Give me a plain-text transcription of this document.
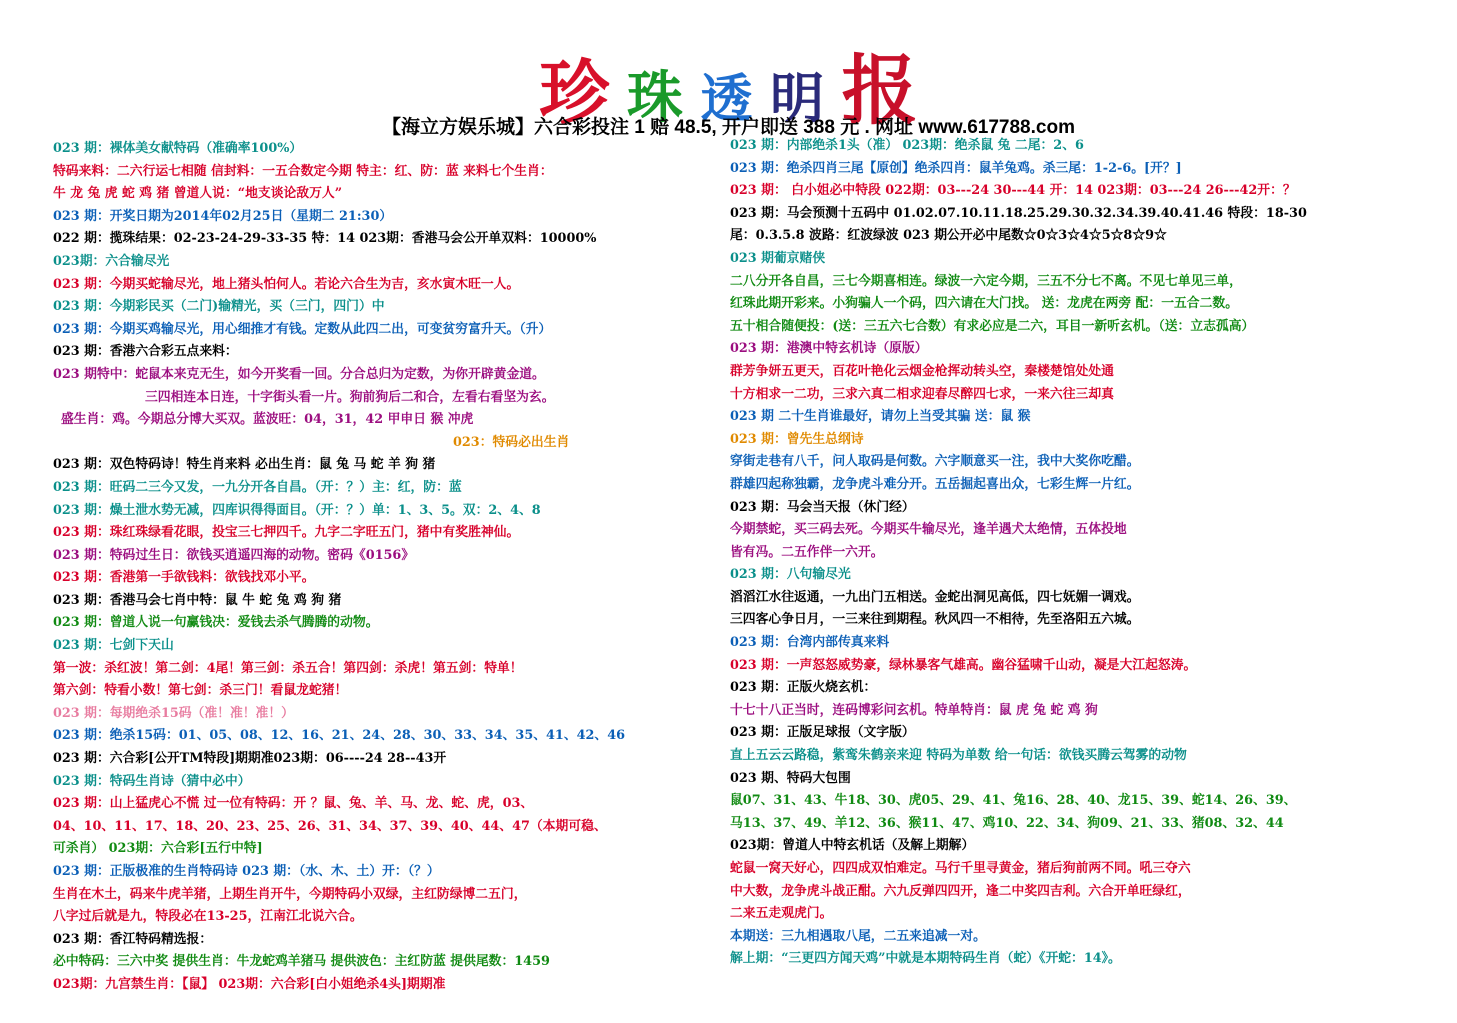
珍 珠 透 明 报
【海立方娱乐城】六合彩投注 1 赔 48.5, 开户即送 388 元 . 网址 www.617788.com
023 期：裸体美女献特码（准确率100%）
特码来料：二六行运七相随 信封料：一五合数定今期 特主：红、防：蓝 来料七个生肖：
牛 龙 兔 虎 蛇 鸡 猪 曾道人说：“地支谈论敌万人”
023 期：开奖日期为2014年02月25日（星期二 21:30）
022 期：揽珠结果：02-23-24-29-33-35 特：14 023期：香港马会公开单双料：10000%
023期：六合输尽光
023 期：今期买蛇输尽光，地上猪头怕何人。若论六合生为吉，亥水寅木旺一人。
023 期：今期彩民买（二门)输精光，买（三门，四门）中
023 期：今期买鸡输尽光，用心细推才有钱。定数从此四二出，可变贫穷富升天。（升）
023 期：香港六合彩五点来料：
023 期特中：蛇鼠本来克无生，如今开奖看一回。分合总归为定数，为你开辟黄金道。
三四相连本日连，十字街头看一片。狗前狗后二和合，左看右看坚为玄。
盛生肖：鸡。今期总分博大买双。蓝波旺：04，31，42 甲申日 猴 冲虎
023：特码必出生肖
023 期：双色特码诗！特生肖来料 必出生肖：鼠 兔 马 蛇 羊 狗 猪
023 期：旺码二三今又发，一九分开各自昌。（开：？）主：红，防：蓝
023 期：燥土泄水势无减，四库识得得面目。（开：？）单：1、3、5。双：2、4、8
023 期：珠红珠绿看花眼，投宝三七押四千。九字二字旺五门，猪中有奖胜神仙。
023 期：特码过生日：欲钱买逍遥四海的动物。密码《0156》
023 期：香港第一手欲钱料：欲钱找邓小平。
023 期：香港马会七肖中特：鼠 牛 蛇 兔 鸡 狗 猪
023 期：曾道人说一句赢钱决：爱钱去杀气腾腾的动物。
023 期：七剑下天山
第一波：杀红波！第二剑：4尾！第三剑：杀五合！第四剑：杀虎！第五剑：特单！
第六剑：特看小数！第七剑：杀三门！看鼠龙蛇猪！
023 期：每期绝杀15码（准！准！准！）
023 期：绝杀15码：01、05、08、12、16、21、24、28、30、33、34、35、41、42、46
023 期：六合彩[公开TM特段]期期准023期：06----24 28--43开
023 期：特码生肖诗（猜中必中）
023 期：山上猛虎心不慌 过一位有特码：开 ？鼠、兔、羊、马、龙、蛇、虎，03、
04、10、11、17、18、20、23、25、26、31、34、37、39、40、44、47（本期可稳、
可杀肖） 023期：六合彩[五行中特]
023 期：正版极准的生肖特码诗 023 期：（水、木、土）开：（？）
生肖在木土，码来牛虎羊猪，上期生肖开牛，今期特码小双绿，主红防绿博二五门，
八字过后就是九，特段必在13-25，江南江北说六合。
023 期：香江特码精选报：
必中特码：三六中奖 提供生肖：牛龙蛇鸡羊猪马 提供波色：主红防蓝 提供尾数：1459
023期：九宫禁生肖：【鼠】 023期：六合彩[白小姐绝杀4头]期期准
023 期：内部绝杀1头（准） 023期：绝杀鼠 兔 二尾：2、6
023 期：绝杀四肖三尾【原创】绝杀四肖：鼠羊兔鸡。杀三尾：1-2-6。[开？]
023 期： 白小姐必中特段 022期：03---24 30---44 开：14 023期：03---24 26---42开：？
023 期：马会预测十五码中 01.02.07.10.11.18.25.29.30.32.34.39.40.41.46 特段：18-30
尾：0.3.5.8 波路：红波绿波 023 期公开必中尾数☆0☆3☆4☆5☆8☆9☆
023 期葡京赌侠
二八分开各自昌，三七今期喜相连。绿波一六定今期，三五不分七不离。不见七单见三单，
红珠此期开彩来。小狗骗人一个码，四六请在大门找。 送：龙虎在两旁 配：一五合二数。
五十相合随便投：(送：三五六七合数）有求必应是二六，耳目一新听玄机。（送：立志孤高）
023 期：港澳中特玄机诗（原版）
群芳争妍五更天，百花叶艳化云烟金枪挥动转头空，秦楼楚馆处处通
十方相求一二功，三求六真二相求迎春尽醉四七求，一来六往三却真
023 期 二十生肖谁最好，请勿上当受其骗 送：鼠 猴
023 期：曾先生总纲诗
穿街走巷有八千，问人取码是何数。六字顺意买一注，我中大奖你吃醋。
群雄四起称独霸，龙争虎斗难分开。五岳掘起喜出众，七彩生辉一片红。
023 期：马会当天报（休门经）
今期禁蛇，买三码去死。今期买牛输尽光，逢羊遇犬太绝情，五体投地
皆有冯。二五作伴一六开。
023 期：八句输尽光
滔滔江水往返通，一九出门五相送。金蛇出洞见高低，四七妩媚一调戏。
三四客心争日月，一三来往到期程。秋风四一不相待，先至洛阳五六城。
023 期：台湾内部传真来料
023 期：一声怒怒威势豪，绿林暴客气雄高。幽谷猛啸千山动，凝是大江起怒涛。
023 期：正版火烧玄机：
十七十八正当时，连码博彩问玄机。特单特肖：鼠 虎 兔 蛇 鸡 狗
023 期：正版足球报（文字版）
直上五云云路稳，紫鸾朱鹤亲来迎 特码为单数 给一句话：欲钱买腾云驾雾的动物
023 期、特码大包围
鼠07、31、43、牛18、30、虎05、29、41、兔16、28、40、龙15、39、蛇14、26、39、
马13、37、49、羊12、36、猴11、47、鸡10、22、34、狗09、21、33、猪08、32、44
023期：曾道人中特玄机话（及解上期解）
蛇鼠一窝天好心，四四成双怕难定。马行千里寻黄金，猪后狗前两不同。吼三夺六
中大数，龙争虎斗战正酣。六九反弹四四开，逢二中奖四吉利。六合开单旺绿红，
二来五走观虎门。
本期送：三九相遇取八尾，二五来追减一对。
解上期：“三更四方闻天鸡”中就是本期特码生肖（蛇）《开蛇：14》。
